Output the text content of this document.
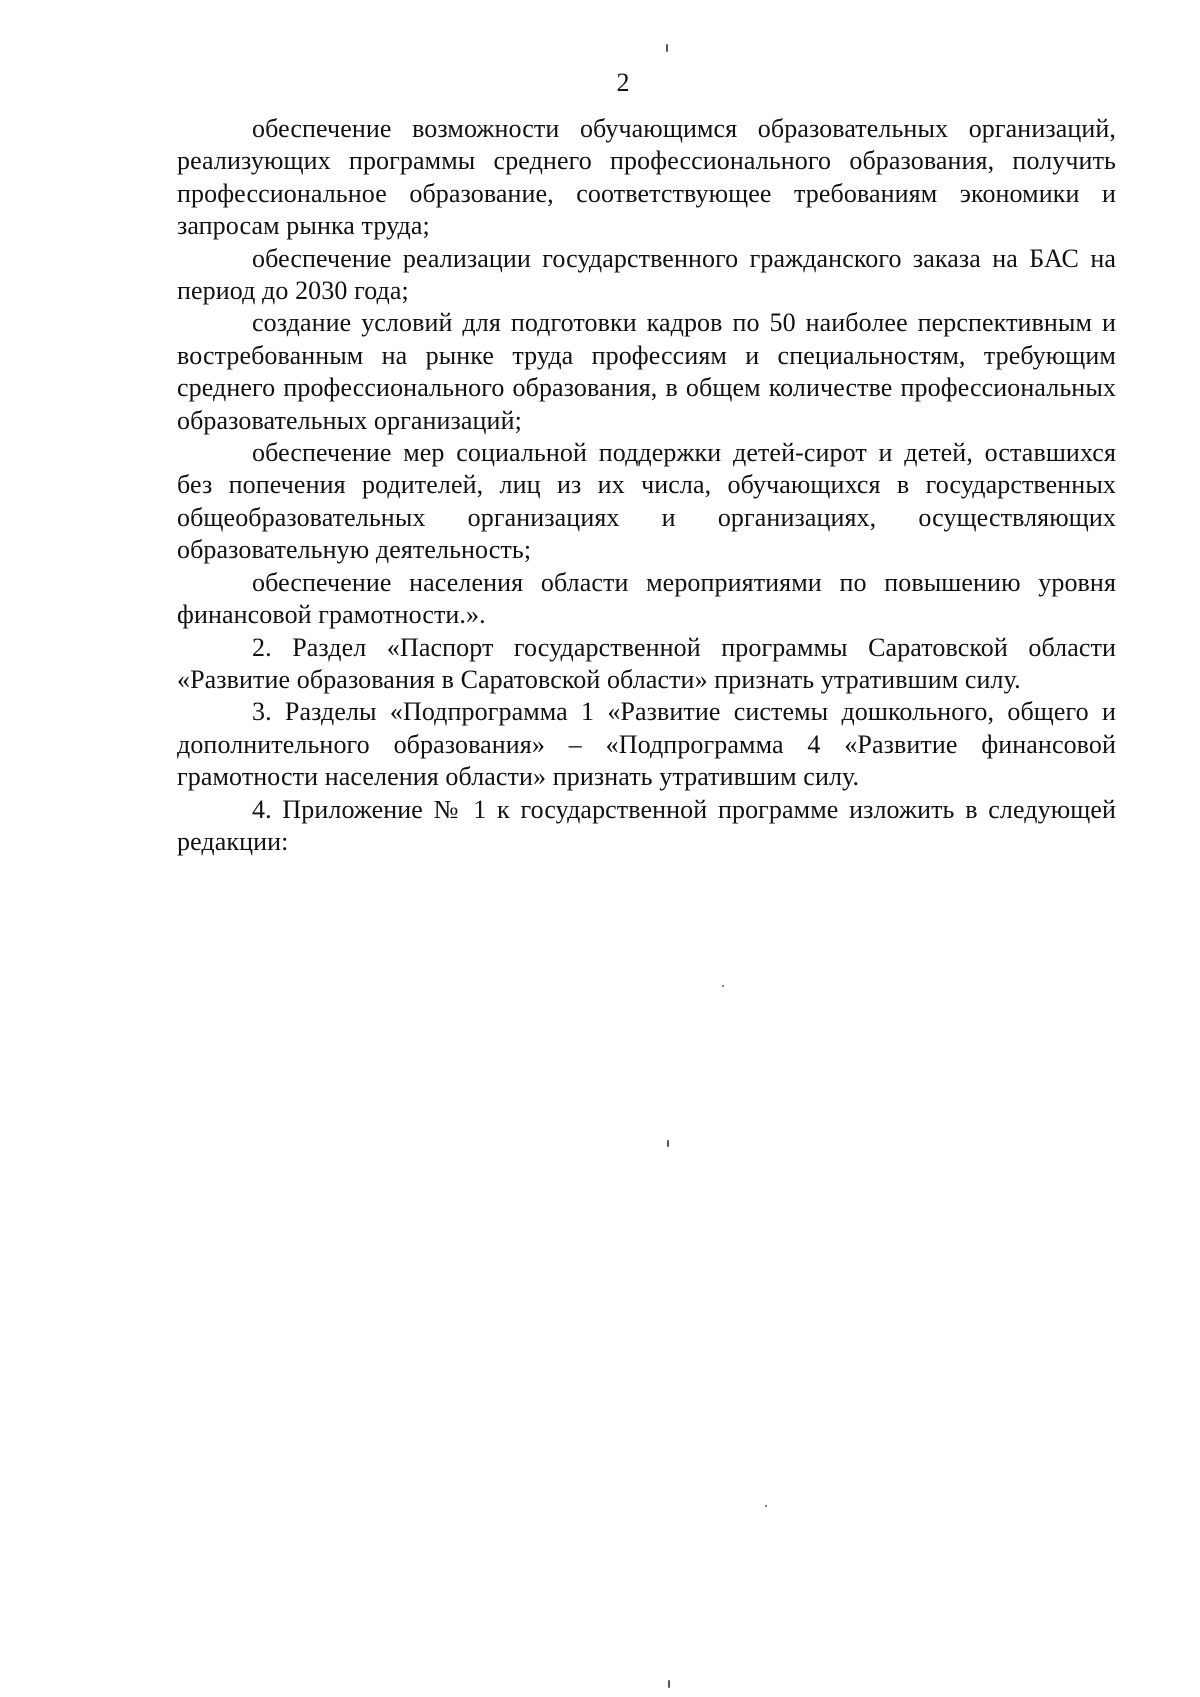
2

обеспечение возможности обучающимся образовательных организаций, реализующих программы среднего профессионального образования, получить профессиональное образование, соответствующее требованиям экономики и запросам рынка труда;

обеспечение реализации государственного гражданского заказа на БАС на период до 2030 года;

создание условий для подготовки кадров по 50 наиболее перспективным и востребованным на рынке труда профессиям и специальностям, требующим среднего профессионального образования, в общем количестве профессиональных образовательных организаций;

обеспечение мер социальной поддержки детей-сирот и детей, оставшихся без попечения родителей, лиц из их числа, обучающихся в государственных общеобразовательных организациях и организациях, осуществляющих образовательную деятельность;

обеспечение населения области мероприятиями по повышению уровня финансовой грамотности.».

2. Раздел «Паспорт государственной программы Саратовской области «Развитие образования в Саратовской области» признать утратившим силу.

3. Разделы «Подпрограмма 1 «Развитие системы дошкольного, общего и дополнительного образования» – «Подпрограмма 4 «Развитие финансовой грамотности населения области» признать утратившим силу.

4. Приложение № 1 к государственной программе изложить в следующей редакции:
